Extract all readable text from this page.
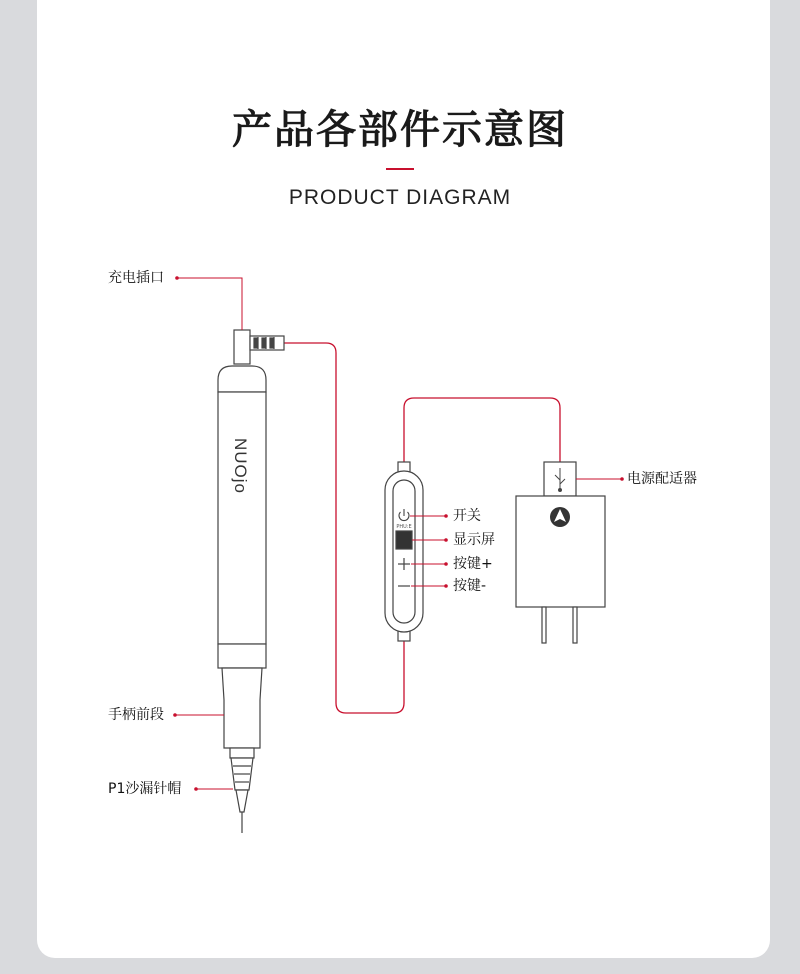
产品各部件示意图
PRODUCT DIAGRAM
NUOjo
PHU:E
充电插口
手柄前段
P1沙漏针帽
开关
显示屏
按键+
按键-
电源配适器
